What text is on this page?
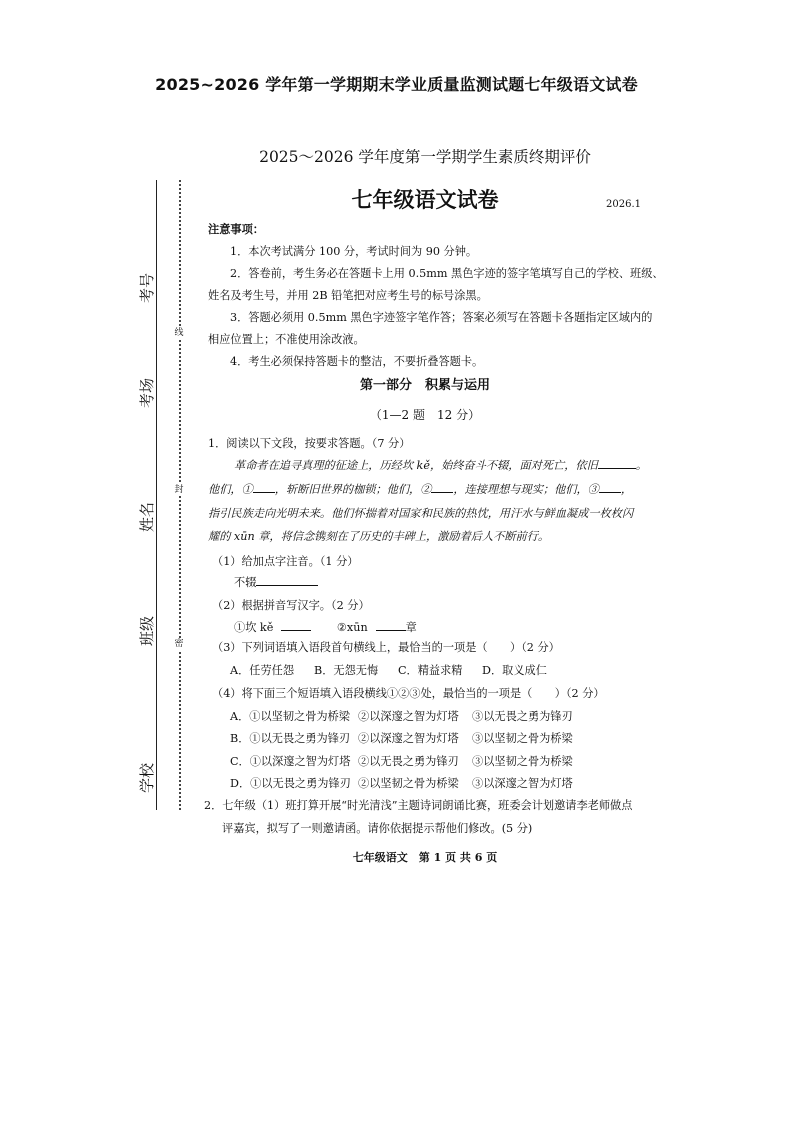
2025~2026 学年第一学期期末学业质量监测试题七年级语文试卷
考号
考场
姓名
班级
学校
线
封
密
2025～2026 学年度第一学期学生素质终期评价
七年级语文试卷	2026.1
注意事项：
1．本次考试满分 100 分，考试时间为 90 分钟。
2．答卷前，考生务必在答题卡上用 0.5mm 黑色字迹的签字笔填写自己的学校、班级、
姓名及考生号，并用 2B 铅笔把对应考生号的标号涂黑。
3．答题必须用 0.5mm 黑色字迹签字笔作答；答案必须写在答题卡各题指定区域内的
相应位置上；不准使用涂改液。
4．考生必须保持答题卡的整洁，不要折叠答题卡。
第一部分　积累与运用
（1—2 题　12 分）
1．阅读以下文段，按要求答题。（7 分）
革命者在追寻真理的征途上，历经坎 kě，始终奋斗不辍，面对死亡，依旧	。
他们，① ，斩断旧世界的枷锁；他们，② ，连接理想与现实；他们，③ ，
指引民族走向光明未来。他们怀揣着对国家和民族的热忱，用汗水与鲜血凝成一枚枚闪
耀的 xūn 章，将信念镌刻在了历史的丰碑上，激励着后人不断前行。
（1）给加点字注音。（1 分）
不辍
（2）根据拼音写汉字。（2 分）
①坎 kě	②xūn	章
（3）下列词语填入语段首句横线上，最恰当的一项是（　　）（2 分）
A．任劳任怨 B．无怨无悔 C．精益求精 D．取义成仁
（4）将下面三个短语填入语段横线①②③处，最恰当的一项是（　　）（2 分）
A．①以坚韧之骨为桥梁 ②以深邃之智为灯塔 ③以无畏之勇为锋刃
B．①以无畏之勇为锋刃 ②以深邃之智为灯塔 ③以坚韧之骨为桥梁
C．①以深邃之智为灯塔 ②以无畏之勇为锋刃 ③以坚韧之骨为桥梁
D．①以无畏之勇为锋刃 ②以坚韧之骨为桥梁 ③以深邃之智为灯塔
2．七年级（1）班打算开展“时光清浅”主题诗词朗诵比赛，班委会计划邀请李老师做点
评嘉宾，拟写了一则邀请函。请你依据提示帮他们修改。(5 分)
七年级语文　第 1 页 共 6 页
